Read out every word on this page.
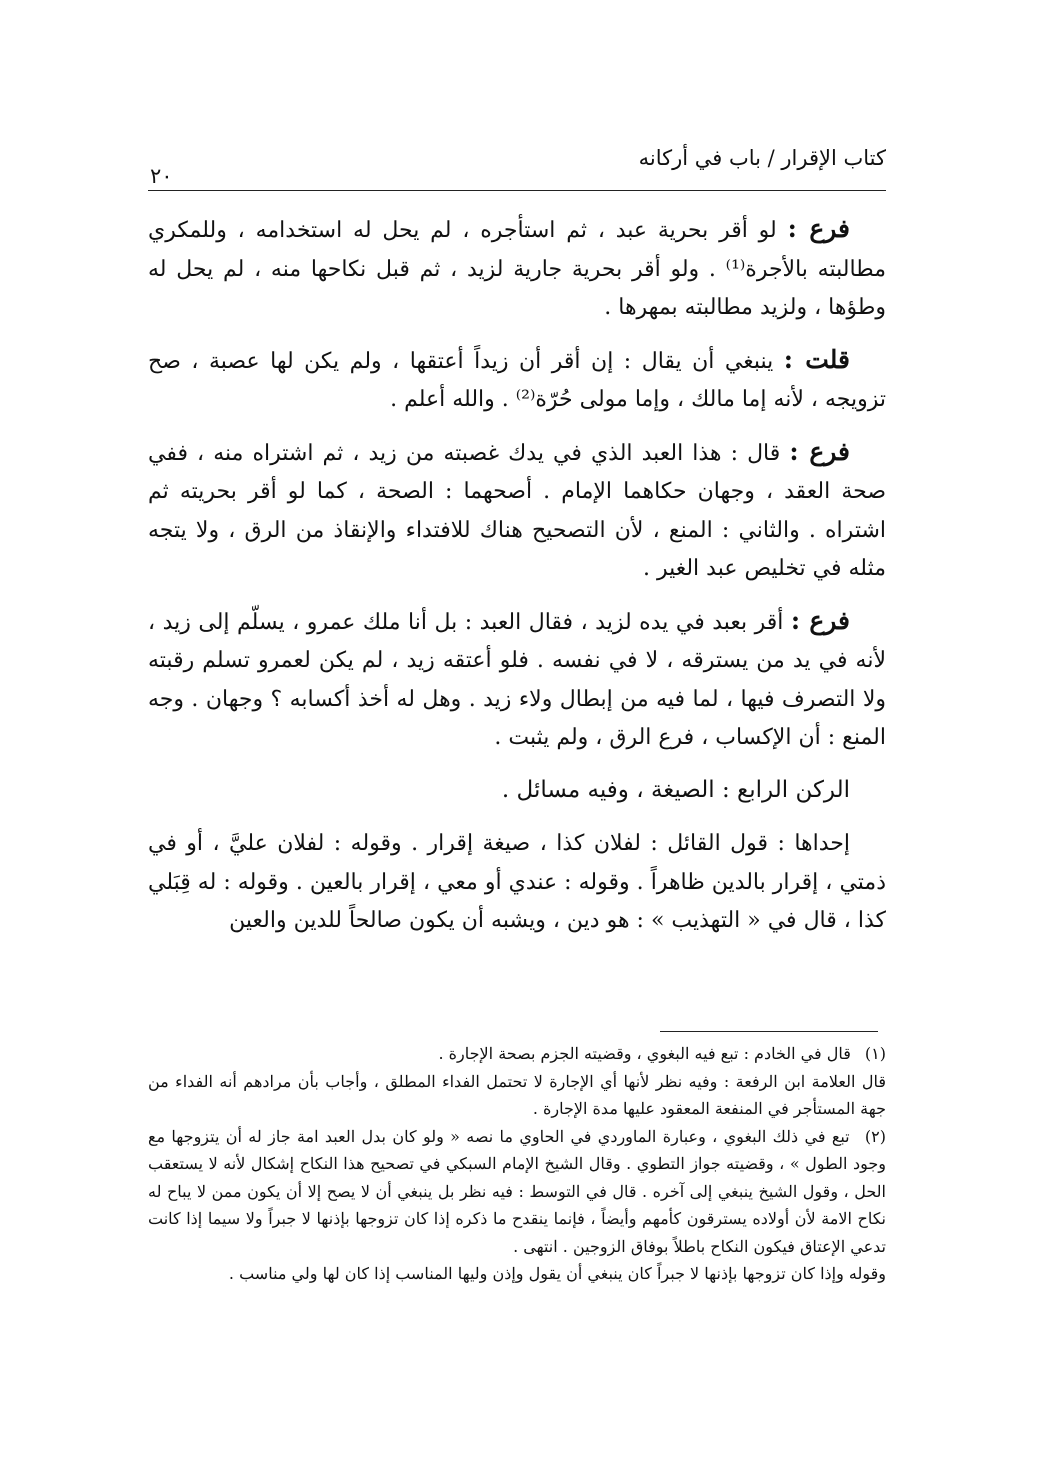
كتاب الإقرار / باب في أركانه
٢٠

فرع : لو أقر بحرية عبد ، ثم استأجره ، لم يحل له استخدامه ، وللمكري مطالبته بالأجرة⁽¹⁾ . ولو أقر بحرية جارية لزيد ، ثم قبل نكاحها منه ، لم يحل له وطؤها ، ولزيد مطالبته بمهرها .

قلت : ينبغي أن يقال : إن أقر أن زيداً أعتقها ، ولم يكن لها عصبة ، صح تزويجه ، لأنه إما مالك ، وإما مولى حُرّة⁽²⁾ . والله أعلم .

فرع : قال : هذا العبد الذي في يدك غصبته من زيد ، ثم اشتراه منه ، ففي صحة العقد ، وجهان حكاهما الإمام . أصحهما : الصحة ، كما لو أقر بحريته ثم اشتراه . والثاني : المنع ، لأن التصحيح هناك للافتداء والإنقاذ من الرق ، ولا يتجه مثله في تخليص عبد الغير .

فرع : أقر بعبد في يده لزيد ، فقال العبد : بل أنا ملك عمرو ، يسلّم إلى زيد ، لأنه في يد من يسترقه ، لا في نفسه . فلو أعتقه زيد ، لم يكن لعمرو تسلم رقبته ولا التصرف فيها ، لما فيه من إبطال ولاء زيد . وهل له أخذ أكسابه ؟ وجهان . وجه المنع : أن الإكساب ، فرع الرق ، ولم يثبت .

الركن الرابع : الصيغة ، وفيه مسائل .

إحداها : قول القائل : لفلان كذا ، صيغة إقرار . وقوله : لفلان عليَّ ، أو في ذمتي ، إقرار بالدين ظاهراً . وقوله : عندي أو معي ، إقرار بالعين . وقوله : له قِبَلي كذا ، قال في « التهذيب » : هو دين ، ويشبه أن يكون صالحاً للدين والعين

(١) قال في الخادم : تبع فيه البغوي ، وقضيته الجزم بصحة الإجارة .

قال العلامة ابن الرفعة : وفيه نظر لأنها أي الإجارة لا تحتمل الفداء المطلق ، وأجاب بأن مرادهم أنه الفداء من جهة المستأجر في المنفعة المعقود عليها مدة الإجارة .

(٢) تبع في ذلك البغوي ، وعبارة الماوردي في الحاوي ما نصه « ولو كان بدل العبد امة جاز له أن يتزوجها مع وجود الطول » ، وقضيته جواز التطوي . وقال الشيخ الإمام السبكي في تصحيح هذا النكاح إشكال لأنه لا يستعقب الحل ، وقول الشيخ ينبغي إلى آخره . قال في التوسط : فيه نظر بل ينبغي أن لا يصح إلا أن يكون ممن لا يباح له نكاح الامة لأن أولاده يسترقون كأمهم وأيضاً ، فإنما ينقدح ما ذكره إذا كان تزوجها بإذنها لا جبراً ولا سيما إذا كانت تدعي الإعتاق فيكون النكاح باطلاً بوفاق الزوجين . انتهى .

وقوله وإذا كان تزوجها بإذنها لا جبراً كان ينبغي أن يقول وإذن وليها المناسب إذا كان لها ولي مناسب .
